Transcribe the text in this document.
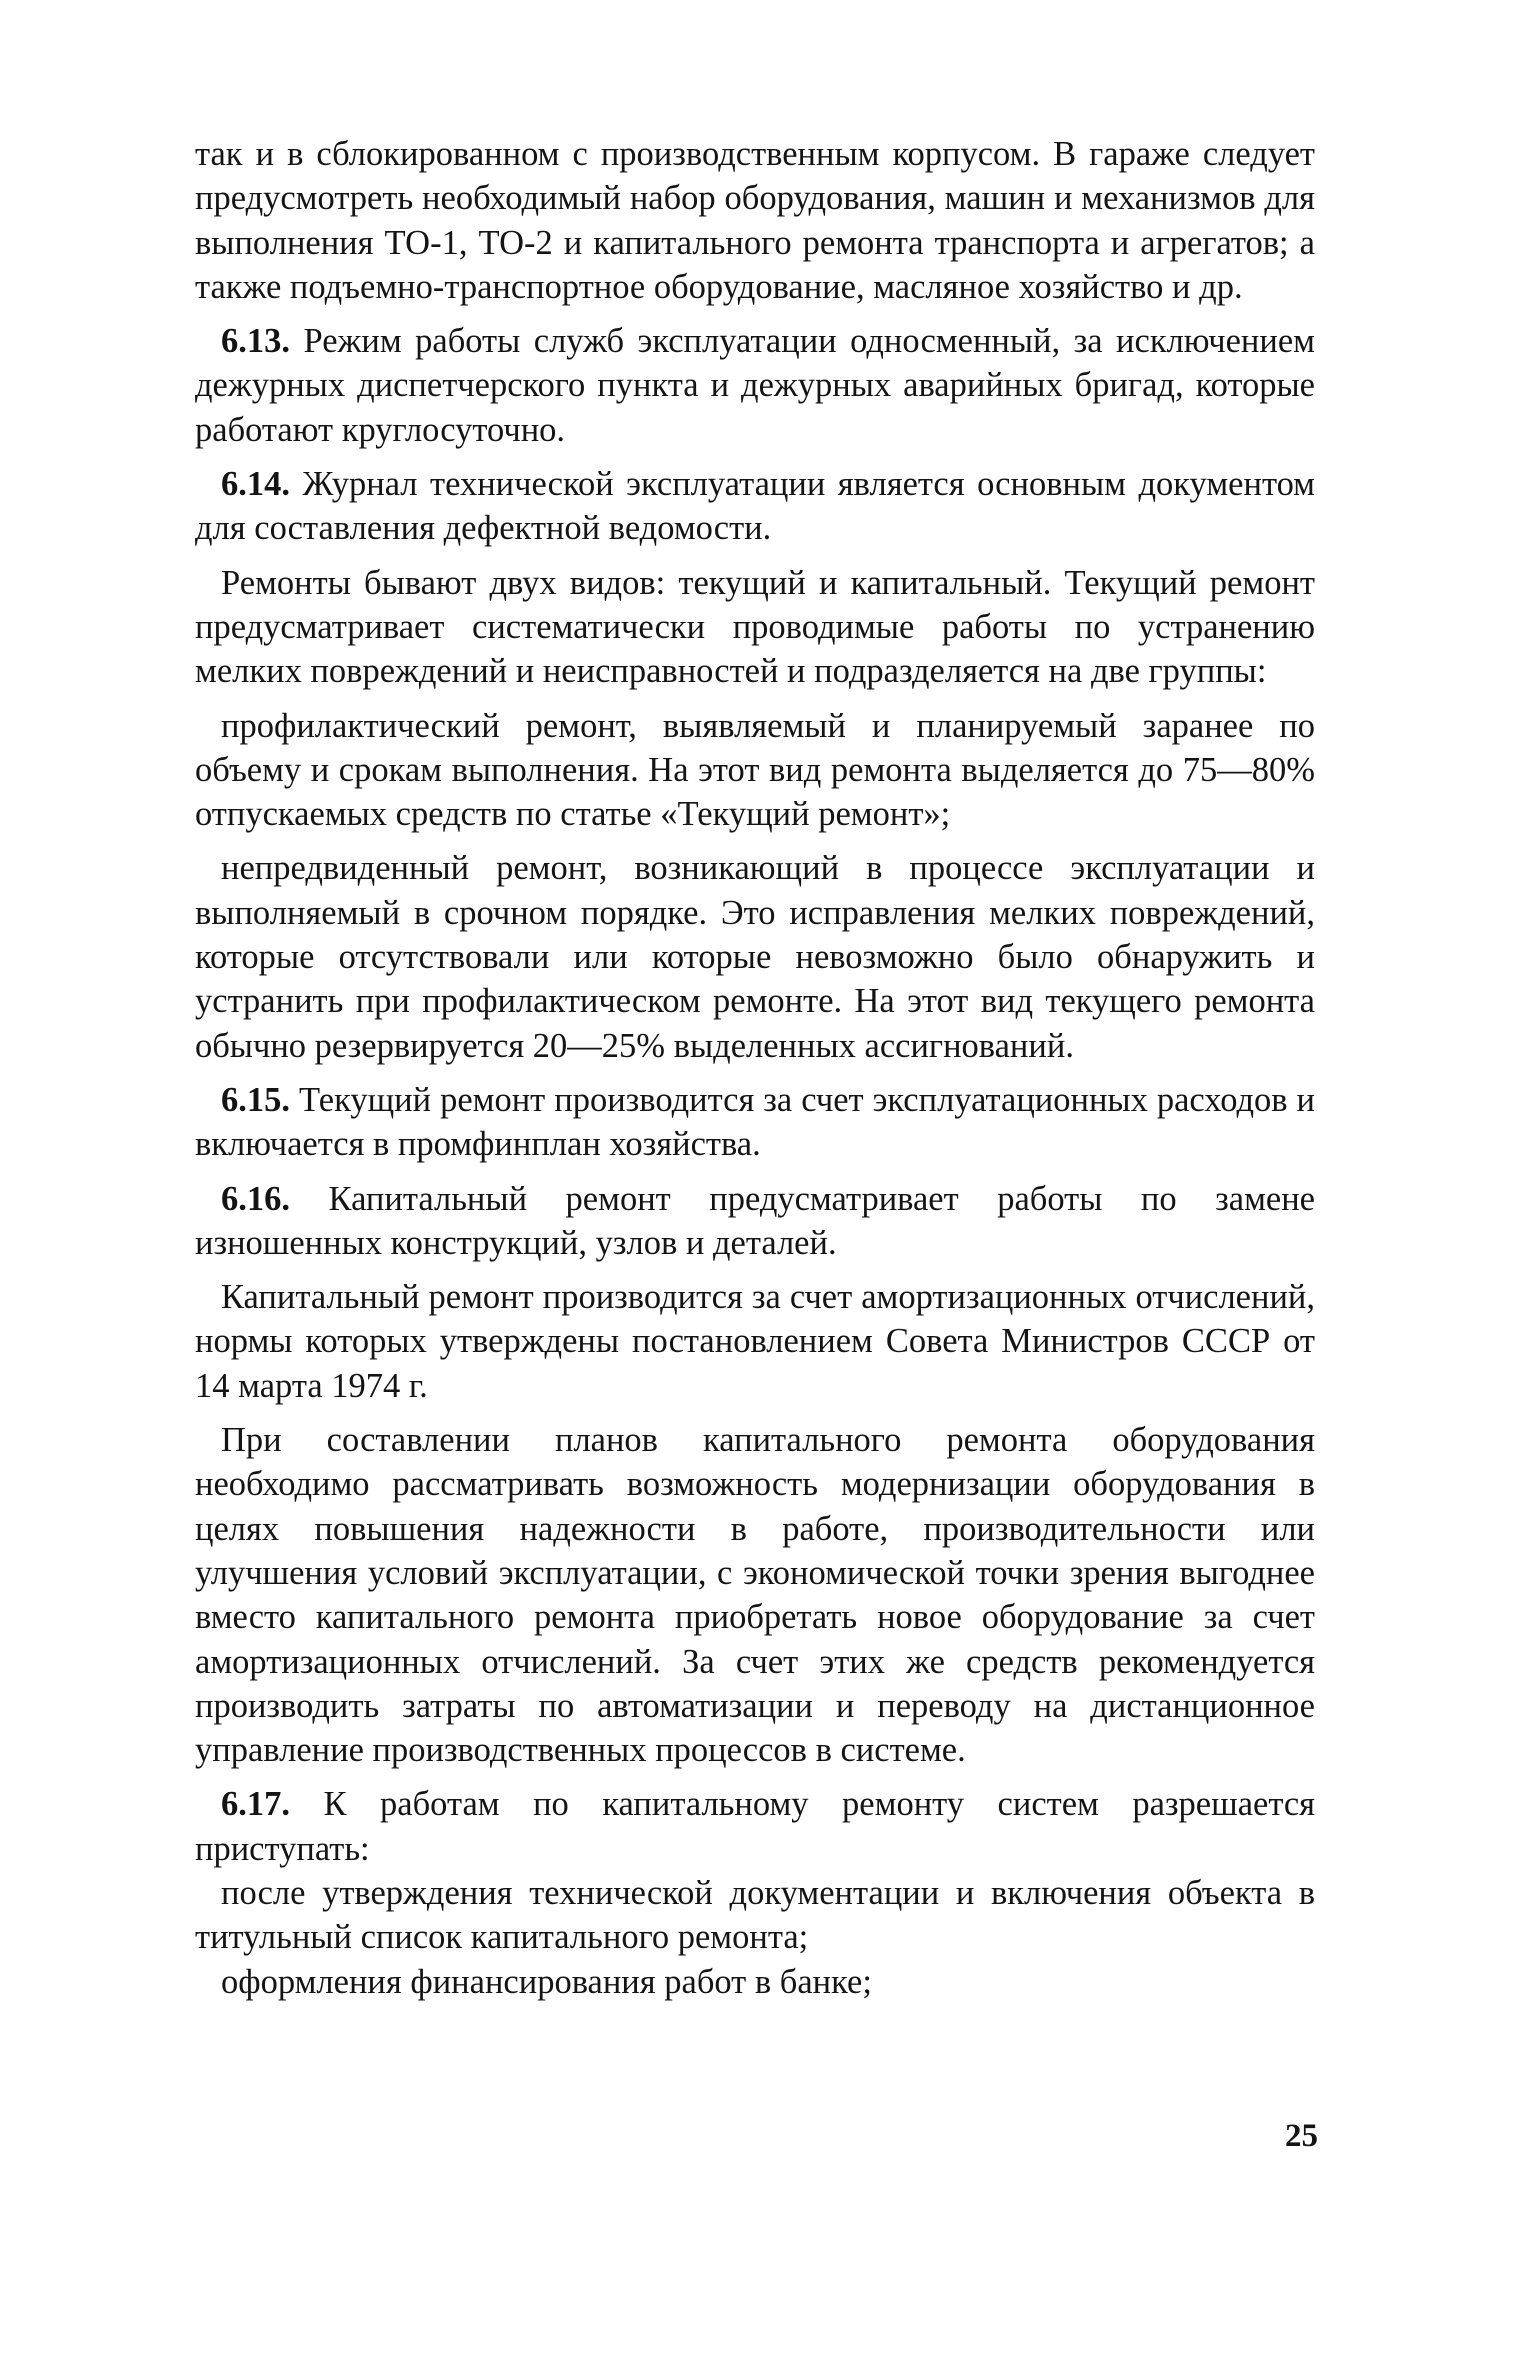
так и в сблокированном с производственным корпусом. В гараже следует предусмотреть необходимый набор оборудования, машин и механизмов для выполнения ТО-1, ТО-2 и капитального ремонта транспорта и агрегатов; а также подъемно-транспортное оборудование, масляное хозяйство и др.

6.13. Режим работы служб эксплуатации односменный, за исключением дежурных диспетчерского пункта и дежурных аварийных бригад, которые работают круглосуточно.

6.14. Журнал технической эксплуатации является основным документом для составления дефектной ведомости.

Ремонты бывают двух видов: текущий и капитальный. Текущий ремонт предусматривает систематически проводимые работы по устранению мелких повреждений и неисправностей и подразделяется на две группы:

профилактический ремонт, выявляемый и планируемый заранее по объему и срокам выполнения. На этот вид ремонта выделяется до 75—80% отпускаемых средств по статье «Текущий ремонт»;

непредвиденный ремонт, возникающий в процессе эксплуатации и выполняемый в срочном порядке. Это исправления мелких повреждений, которые отсутствовали или которые невозможно было обнаружить и устранить при профилактическом ремонте. На этот вид текущего ремонта обычно резервируется 20—25% выделенных ассигнований.

6.15. Текущий ремонт производится за счет эксплуатационных расходов и включается в промфинплан хозяйства.

6.16. Капитальный ремонт предусматривает работы по замене изношенных конструкций, узлов и деталей.

Капитальный ремонт производится за счет амортизационных отчислений, нормы которых утверждены постановлением Совета Министров СССР от 14 марта 1974 г.

При составлении планов капитального ремонта оборудования необходимо рассматривать возможность модернизации оборудования в целях повышения надежности в работе, производительности или улучшения условий эксплуатации, с экономической точки зрения выгоднее вместо капитального ремонта приобретать новое оборудование за счет амортизационных отчислений. За счет этих же средств рекомендуется производить затраты по автоматизации и переводу на дистанционное управление производственных процессов в системе.

6.17. К работам по капитальному ремонту систем разрешается приступать:

после утверждения технической документации и включения объекта в титульный список капитального ремонта;

оформления финансирования работ в банке;

25
